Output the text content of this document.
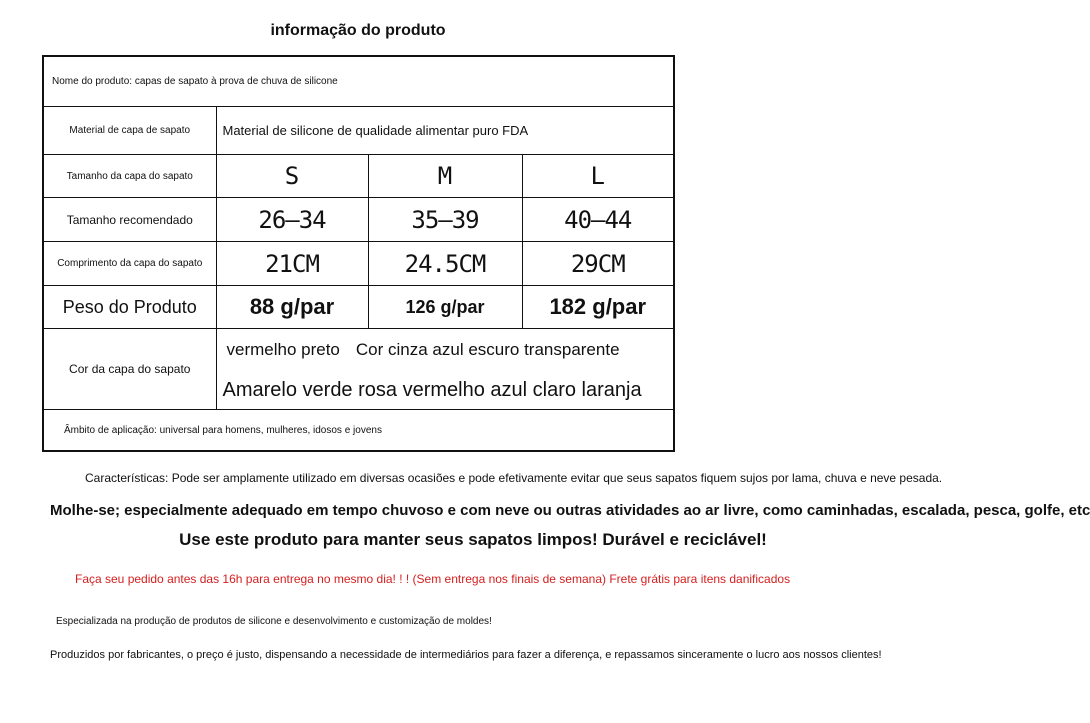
informação do produto
Nome do produto: capas de sapato à prova de chuva de silicone			
Material de capa de sapato	Material de silicone de qualidade alimentar puro FDA		
Tamanho da capa do sapato	S	M	L
Tamanho recomendado	26–34	35–39	40–44
Comprimento da capa do sapato	21CM	24.5CM	29CM
Peso do Produto	88 g/par	126 g/par	182 g/par
Cor da capa do sapato	vermelho preto Cor cinza azul escuro transparente
Amarelo verde rosa vermelho azul claro laranja		

Âmbito de aplicação: universal para homens, mulheres, idosos e jovens			
Características: Pode ser amplamente utilizado em diversas ocasiões e pode efetivamente evitar que seus sapatos fiquem sujos por lama, chuva e neve pesada.
Molhe-se; especialmente adequado em tempo chuvoso e com neve ou outras atividades ao ar livre, como caminhadas, escalada, pesca, golfe, etc
Use este produto para manter seus sapatos limpos! Durável e reciclável!
Faça seu pedido antes das 16h para entrega no mesmo dia! ! ! (Sem entrega nos finais de semana) Frete grátis para itens danificados
Especializada na produção de produtos de silicone e desenvolvimento e customização de moldes!
Produzidos por fabricantes, o preço é justo, dispensando a necessidade de intermediários para fazer a diferença, e repassamos sinceramente o lucro aos nossos clientes!
